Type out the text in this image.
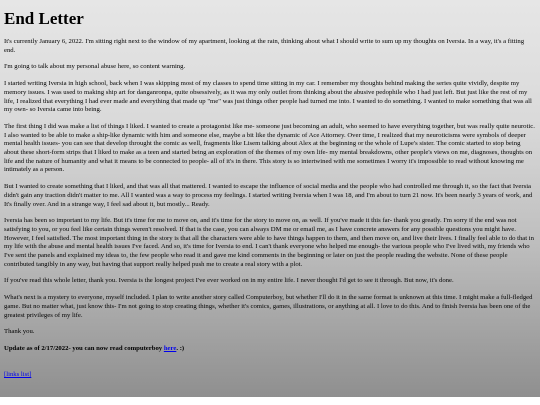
End Letter

It's currently January 6, 2022. I'm sitting right next to the window of my apartment, looking at the rain, thinking about what I should write to sum up my thoughts on Iversia. In a way, it's a fitting end.

I'm going to talk about my personal abuse here, so content warning.

I started writing Iversia in high school, back when I was skipping most of my classes to spend time sitting in my car. I remember my thoughts behind making the series quite vividly, despite my memory issues. I was used to making ship art for danganronpa, quite obsessively, as it was my only outlet from thinking about the abusive pedophile who I had just left. But just like the rest of my life, I realized that everything I had ever made and everything that made up "me" was just things other people had turned me into. I wanted to do something. I wanted to make something that was all my own- so Iversia came into being.

The first thing I did was make a list of things I liked. I wanted to create a protagonist like me- someone just becoming an adult, who seemed to have everything together, but was really quite neurotic. I also wanted to be able to make a ship-like dynamic with him and someone else, maybe a bit like the dynamic of Ace Attorney. Over time, I realized that my neuroticisms were symbols of deeper mental health issues- you can see that develop throught the comic as well, fragments like Lisem talking about Alex at the beginning or the whole of Lupe's sister. The comic started to stop being about these short-form strips that I liked to make as a teen and started being an exploration of the themes of my own life- my mental breakdowns, other people's views on me, diagnoses, thoughts on life and the nature of humanity and what it means to be connected to people- all of it's in there. This story is so intertwined with me sometimes I worry it's impossible to read without knowing me intimately as a person.

But I wanted to create something that I liked, and that was all that mattered. I wanted to escape the influence of social media and the people who had controlled me through it, so the fact that Iversia didn't gain any traction didn't matter to me. All I wanted was a way to process my feelings. I started writing Iversia when I was 18, and I'm about to turn 21 now. It's been nearly 3 years of work, and It's finally over. And in a strange way, I feel sad about it, but mostly... Ready.

Iversia has been so important to my life. But it's time for me to move on, and it's time for the story to move on, as well. If you've made it this far- thank you greatly. I'm sorry if the end was not satisfying to you, or you feel like certain things weren't resolved. If that is the case, you can always DM me or email me, as I have concrete answers for any possible questions you might have. However, I feel satisfied. The most important thing in the story is that all the characters were able to have things happen to them, and then move on, and live their lives. I finally feel able to do that in my life with the abuse and mental health issues I've faced. And so, it's time for Iversia to end. I can't thank everyone who helped me enough- the various people who I've lived with, my friends who I've sent the panels and explained my ideas to, the few people who read it and gave me kind comments in the beginning or later on just the people reading the website. None of these people contributed tangibly in any way, but having that support really helped push me to create a real story with a plot.

If you've read this whole letter, thank you. Iversia is the longest project I've ever worked on in my entire life. I never thought I'd get to see it through. But now, it's done.

What's next is a mystery to everyone, myself included. I plan to write another story called Computerboy, but whether I'll do it in the same format is unknown at this time. I might make a full-fledged game. But no matter what, just know this- I'm not going to stop creating things, whether it's comics, games, illustrations, or anything at all. I love to do this. And to finish Iversia has been one of the greatest privileges of my life.

Thank you.

Update as of 2/17/2022- you can now read computerboy here. :)

[links list]
